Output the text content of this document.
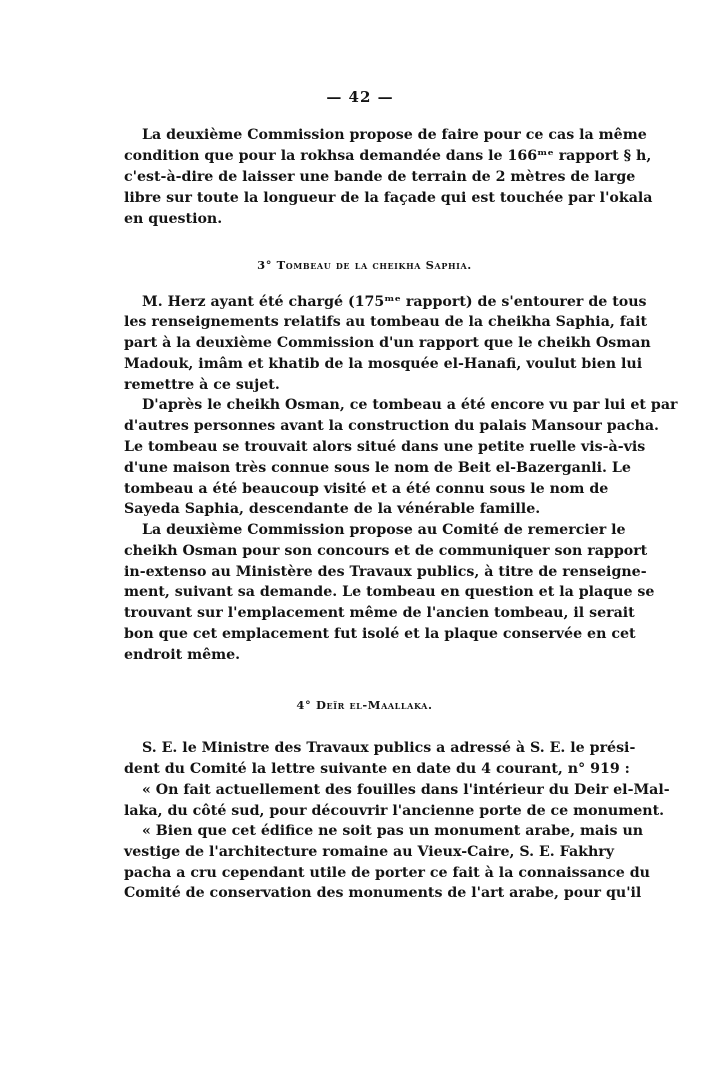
— 42 —
La deuxième Commission propose de faire pour ce cas la même
condition que pour la rokhsa demandée dans le 166ᵐᵉ rapport § h,
c'est-à-dire de laisser une bande de terrain de 2 mètres de large
libre sur toute la longueur de la façade qui est touchée par l'okala
en question.
3° Tombeau de la cheikha Saphia.
M. Herz ayant été chargé (175ᵐᵉ rapport) de s'entourer de tous
les renseignements relatifs au tombeau de la cheikha Saphia, fait
part à la deuxième Commission d'un rapport que le cheikh Osman
Madouk, imâm et khatib de la mosquée el-Hanafi, voulut bien lui
remettre à ce sujet.
D'après le cheikh Osman, ce tombeau a été encore vu par lui et par
d'autres personnes avant la construction du palais Mansour pacha.
Le tombeau se trouvait alors situé dans une petite ruelle vis-à-vis
d'une maison très connue sous le nom de Beit el-Bazerganli. Le
tombeau a été beaucoup visité et a été connu sous le nom de
Sayeda Saphia, descendante de la vénérable famille.
La deuxième Commission propose au Comité de remercier le
cheikh Osman pour son concours et de communiquer son rapport
in-extenso au Ministère des Travaux publics, à titre de renseigne-
ment, suivant sa demande. Le tombeau en question et la plaque se
trouvant sur l'emplacement même de l'ancien tombeau, il serait
bon que cet emplacement fut isolé et la plaque conservée en cet
endroit même.
4° Deïr el-Maallaka.
S. E. le Ministre des Travaux publics a adressé à S. E. le prési-
dent du Comité la lettre suivante en date du 4 courant, n° 919 :
« On fait actuellement des fouilles dans l'intérieur du Deir el-Mal-
laka, du côté sud, pour découvrir l'ancienne porte de ce monument.
« Bien que cet édifice ne soit pas un monument arabe, mais un
vestige de l'architecture romaine au Vieux-Caire, S. E. Fakhry
pacha a cru cependant utile de porter ce fait à la connaissance du
Comité de conservation des monuments de l'art arabe, pour qu'il
